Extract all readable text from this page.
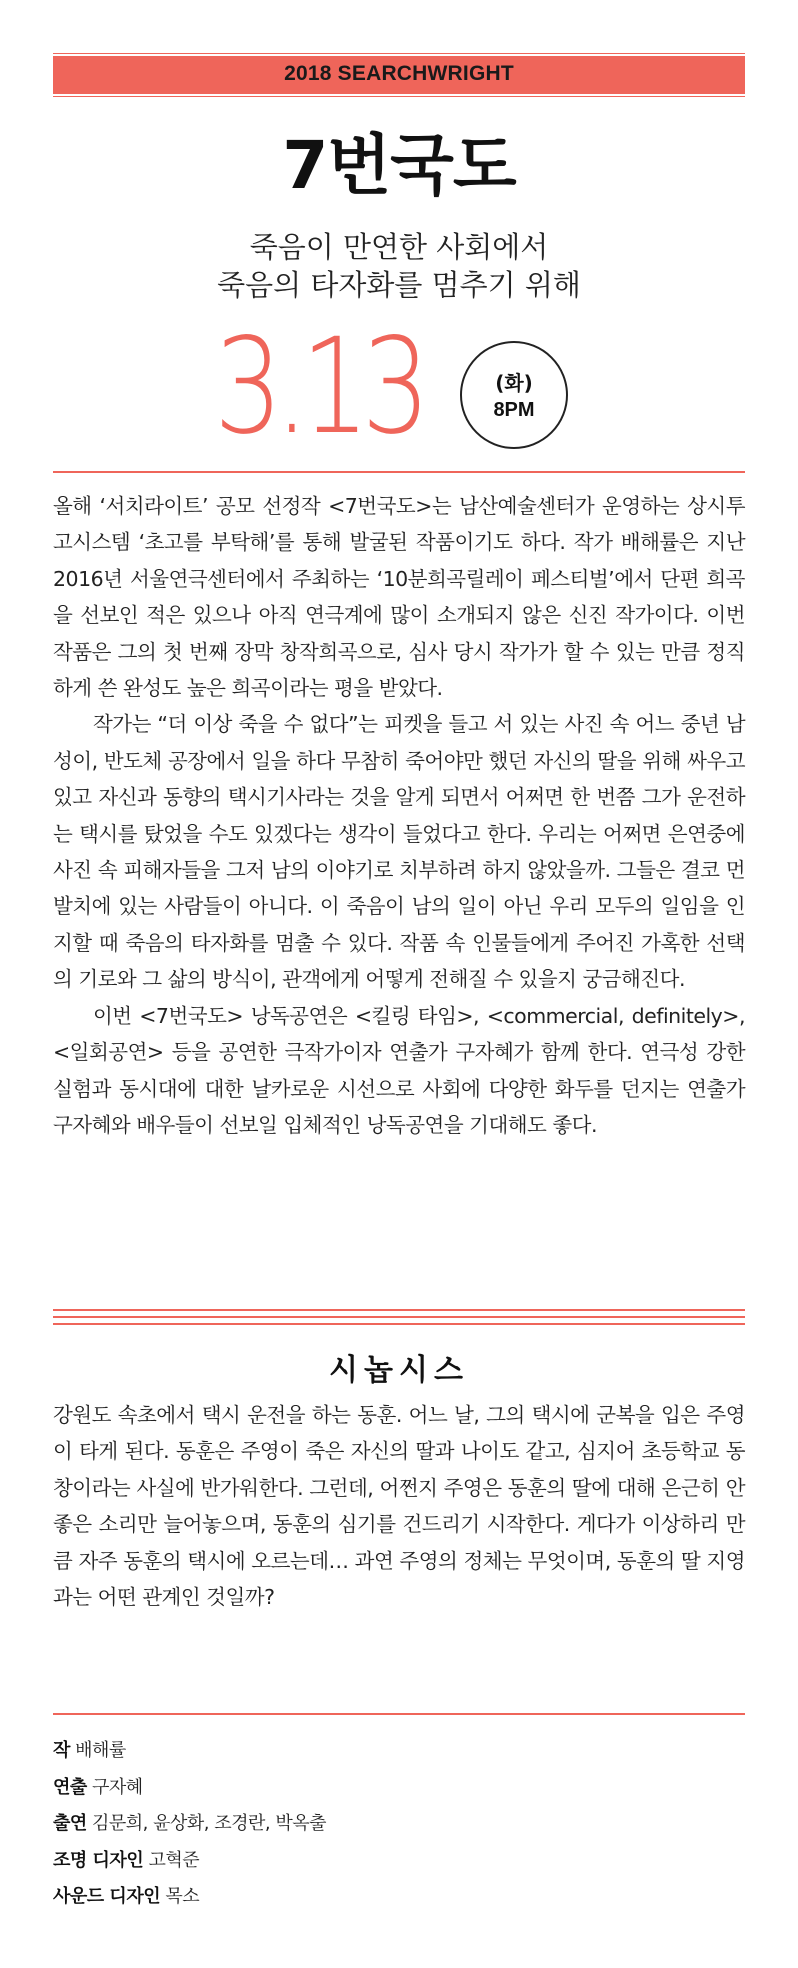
2018 SEARCHWRIGHT
7번국도
죽음이 만연한 사회에서
죽음의 타자화를 멈추기 위해
3.13	(화)
8PM

올해 ‘서치라이트’ 공모 선정작 <7번국도>는 남산예술센터가 운영하는 상시투고시스템 ‘초고를 부탁해’를 통해 발굴된 작품이기도 하다. 작가 배해률은 지난 2016년 서울연극센터에서 주최하는 ‘10분희곡릴레이 페스티벌’에서 단편 희곡을 선보인 적은 있으나 아직 연극계에 많이 소개되지 않은 신진 작가이다. 이번 작품은 그의 첫 번째 장막 창작희곡으로, 심사 당시 작가가 할 수 있는 만큼 정직하게 쓴 완성도 높은 희곡이라는 평을 받았다.

작가는 “더 이상 죽을 수 없다”는 피켓을 들고 서 있는 사진 속 어느 중년 남성이, 반도체 공장에서 일을 하다 무참히 죽어야만 했던 자신의 딸을 위해 싸우고 있고 자신과 동향의 택시기사라는 것을 알게 되면서 어쩌면 한 번쯤 그가 운전하는 택시를 탔었을 수도 있겠다는 생각이 들었다고 한다. 우리는 어쩌면 은연중에 사진 속 피해자들을 그저 남의 이야기로 치부하려 하지 않았을까. 그들은 결코 먼발치에 있는 사람들이 아니다. 이 죽음이 남의 일이 아닌 우리 모두의 일임을 인지할 때 죽음의 타자화를 멈출 수 있다. 작품 속 인물들에게 주어진 가혹한 선택의 기로와 그 삶의 방식이, 관객에게 어떻게 전해질 수 있을지 궁금해진다.

이번 <7번국도> 낭독공연은 <킬링 타임>, <commercial, definitely>, <일회공연> 등을 공연한 극작가이자 연출가 구자혜가 함께 한다. 연극성 강한 실험과 동시대에 대한 날카로운 시선으로 사회에 다양한 화두를 던지는 연출가 구자혜와 배우들이 선보일 입체적인 낭독공연을 기대해도 좋다.

시놉시스
강원도 속초에서 택시 운전을 하는 동훈. 어느 날, 그의 택시에 군복을 입은 주영이 타게 된다. 동훈은 주영이 죽은 자신의 딸과 나이도 같고, 심지어 초등학교 동창이라는 사실에 반가워한다. 그런데, 어쩐지 주영은 동훈의 딸에 대해 은근히 안 좋은 소리만 늘어놓으며, 동훈의 심기를 건드리기 시작한다. 게다가 이상하리 만큼 자주 동훈의 택시에 오르는데… 과연 주영의 정체는 무엇이며, 동훈의 딸 지영과는 어떤 관계인 것일까?
작 배해률
연출 구자혜
출연 김문희, 윤상화, 조경란, 박옥출
조명 디자인 고혁준
사운드 디자인 목소
